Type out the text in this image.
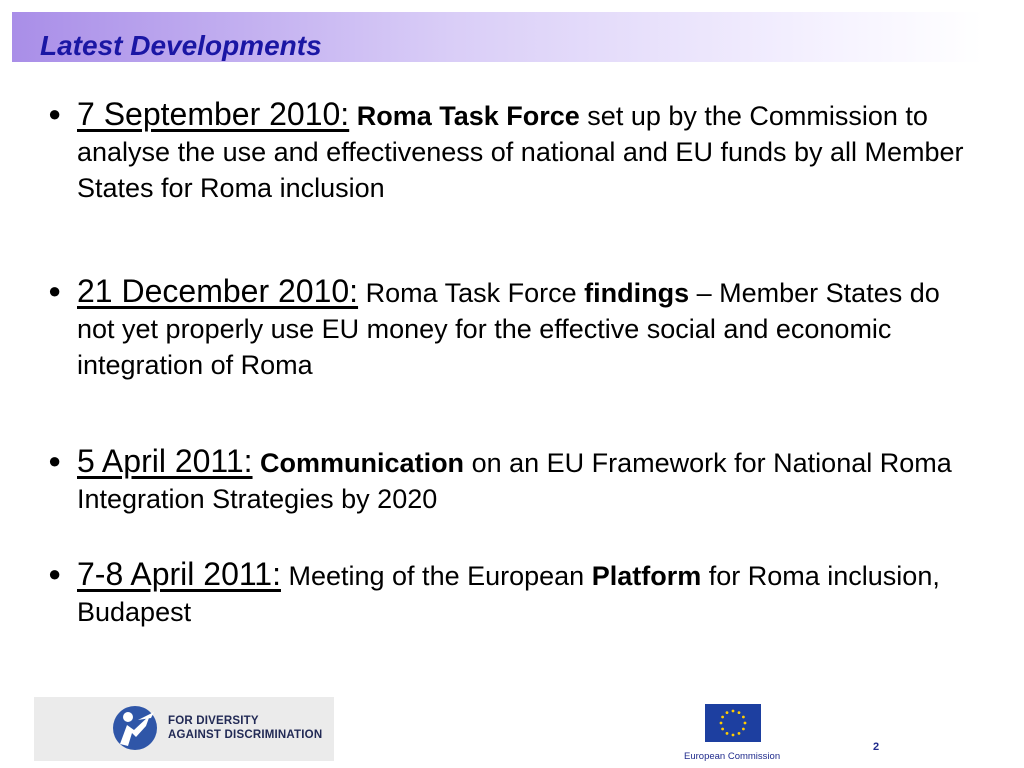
Latest Developments
● 7 September 2010: Roma Task Force set up by the Commission to analyse the use and effectiveness of national and EU funds by all Member States for Roma inclusion
● 21 December 2010: Roma Task Force findings – Member States do not yet properly use EU money for the effective social and economic integration of Roma
● 5 April 2011: Communication on an EU Framework for National Roma Integration Strategies by 2020
● 7-8 April 2011: Meeting of the European Platform for Roma inclusion, Budapest
FOR DIVERSITY
AGAINST DISCRIMINATION
European Commission
2
